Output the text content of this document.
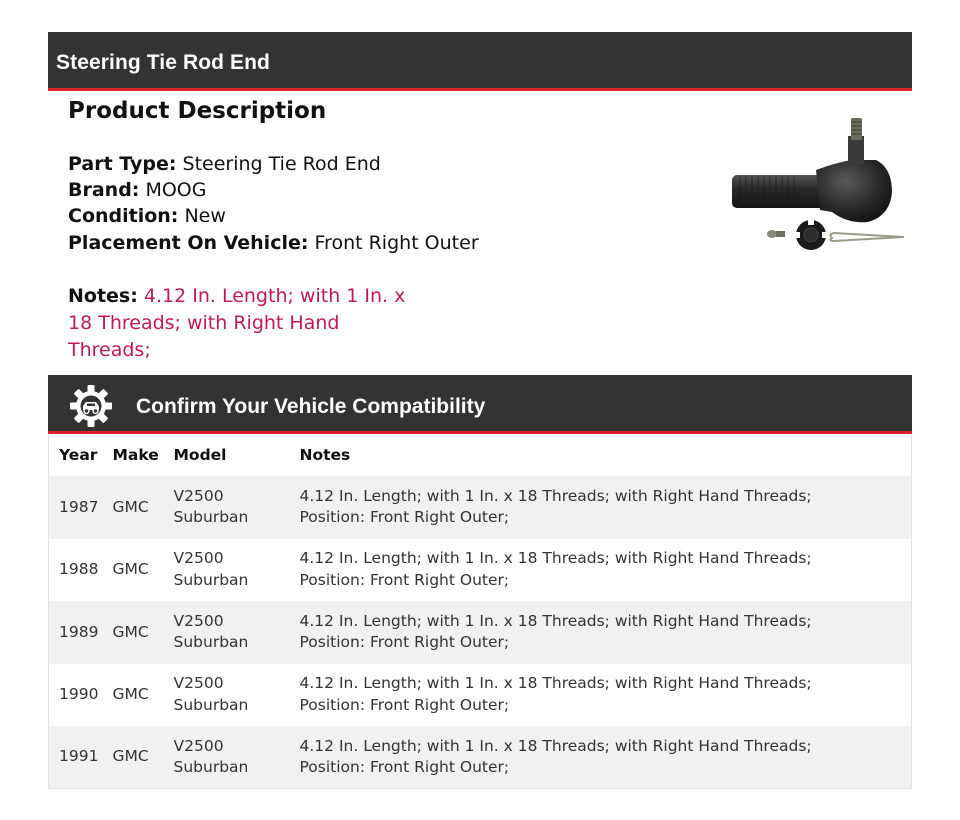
Steering Tie Rod End
Product Description
Part Type: Steering Tie Rod End
Brand: MOOG
Condition: New
Placement On Vehicle: Front Right Outer

Notes: 4.12 In. Length; with 1 In. x 18 Threads; with Right Hand Threads;

Confirm Your Vehicle Compatibility
Year	Make	Model	Notes
1987	GMC	V2500 Suburban	4.12 In. Length; with 1 In. x 18 Threads; with Right Hand Threads; Position: Front Right Outer;
1988	GMC	V2500 Suburban	4.12 In. Length; with 1 In. x 18 Threads; with Right Hand Threads; Position: Front Right Outer;
1989	GMC	V2500 Suburban	4.12 In. Length; with 1 In. x 18 Threads; with Right Hand Threads; Position: Front Right Outer;
1990	GMC	V2500 Suburban	4.12 In. Length; with 1 In. x 18 Threads; with Right Hand Threads; Position: Front Right Outer;
1991	GMC	V2500 Suburban	4.12 In. Length; with 1 In. x 18 Threads; with Right Hand Threads; Position: Front Right Outer;
